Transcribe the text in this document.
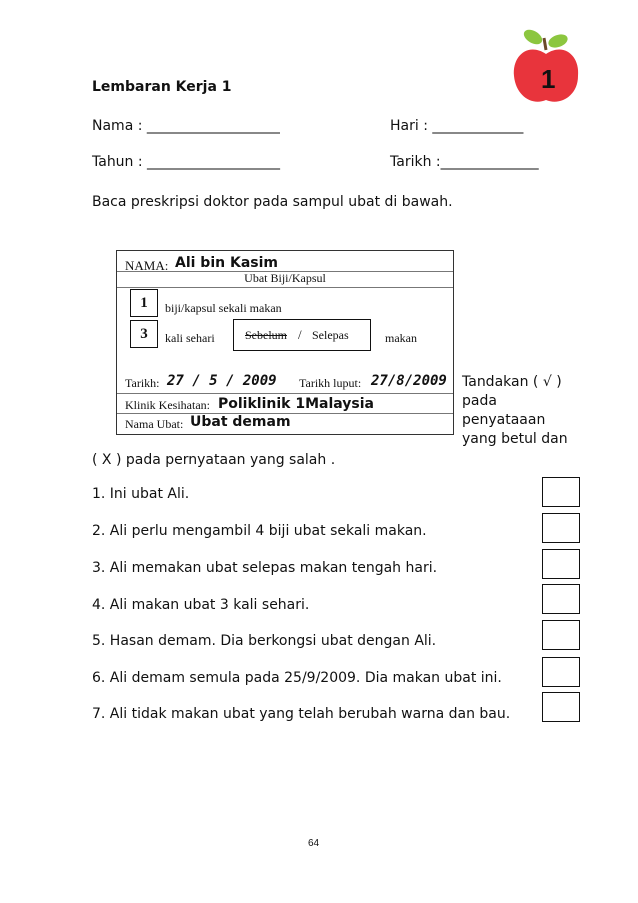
Lembaran Kerja 1	1
Nama : ___________________	Hari : _____________
Tahun : ___________________	Tarikh :______________
Baca preskripsi doktor pada sampul ubat di bawah.
NAMA: Ali bin Kasim
Ubat Biji/Kapsul
1	biji/kapsul sekali makan
3	kali sehari	Sebelum / Selepas	makan
Tarikh: 27 / 5 / 2009 Tarikh luput: 27/8/2009
Klinik Kesihatan: Poliklinik 1Malaysia
Nama Ubat: Ubat demam
Tandakan ( √ )
pada
penyataaan
yang betul dan
( X ) pada pernyataan yang salah .
1. Ini ubat Ali.
2. Ali perlu mengambil 4 biji ubat sekali makan.
3. Ali memakan ubat selepas makan tengah hari.
4. Ali makan ubat 3 kali sehari.
5. Hasan demam. Dia berkongsi ubat dengan Ali.
6. Ali demam semula pada 25/9/2009. Dia makan ubat ini.
7. Ali tidak makan ubat yang telah berubah warna dan bau.
64
